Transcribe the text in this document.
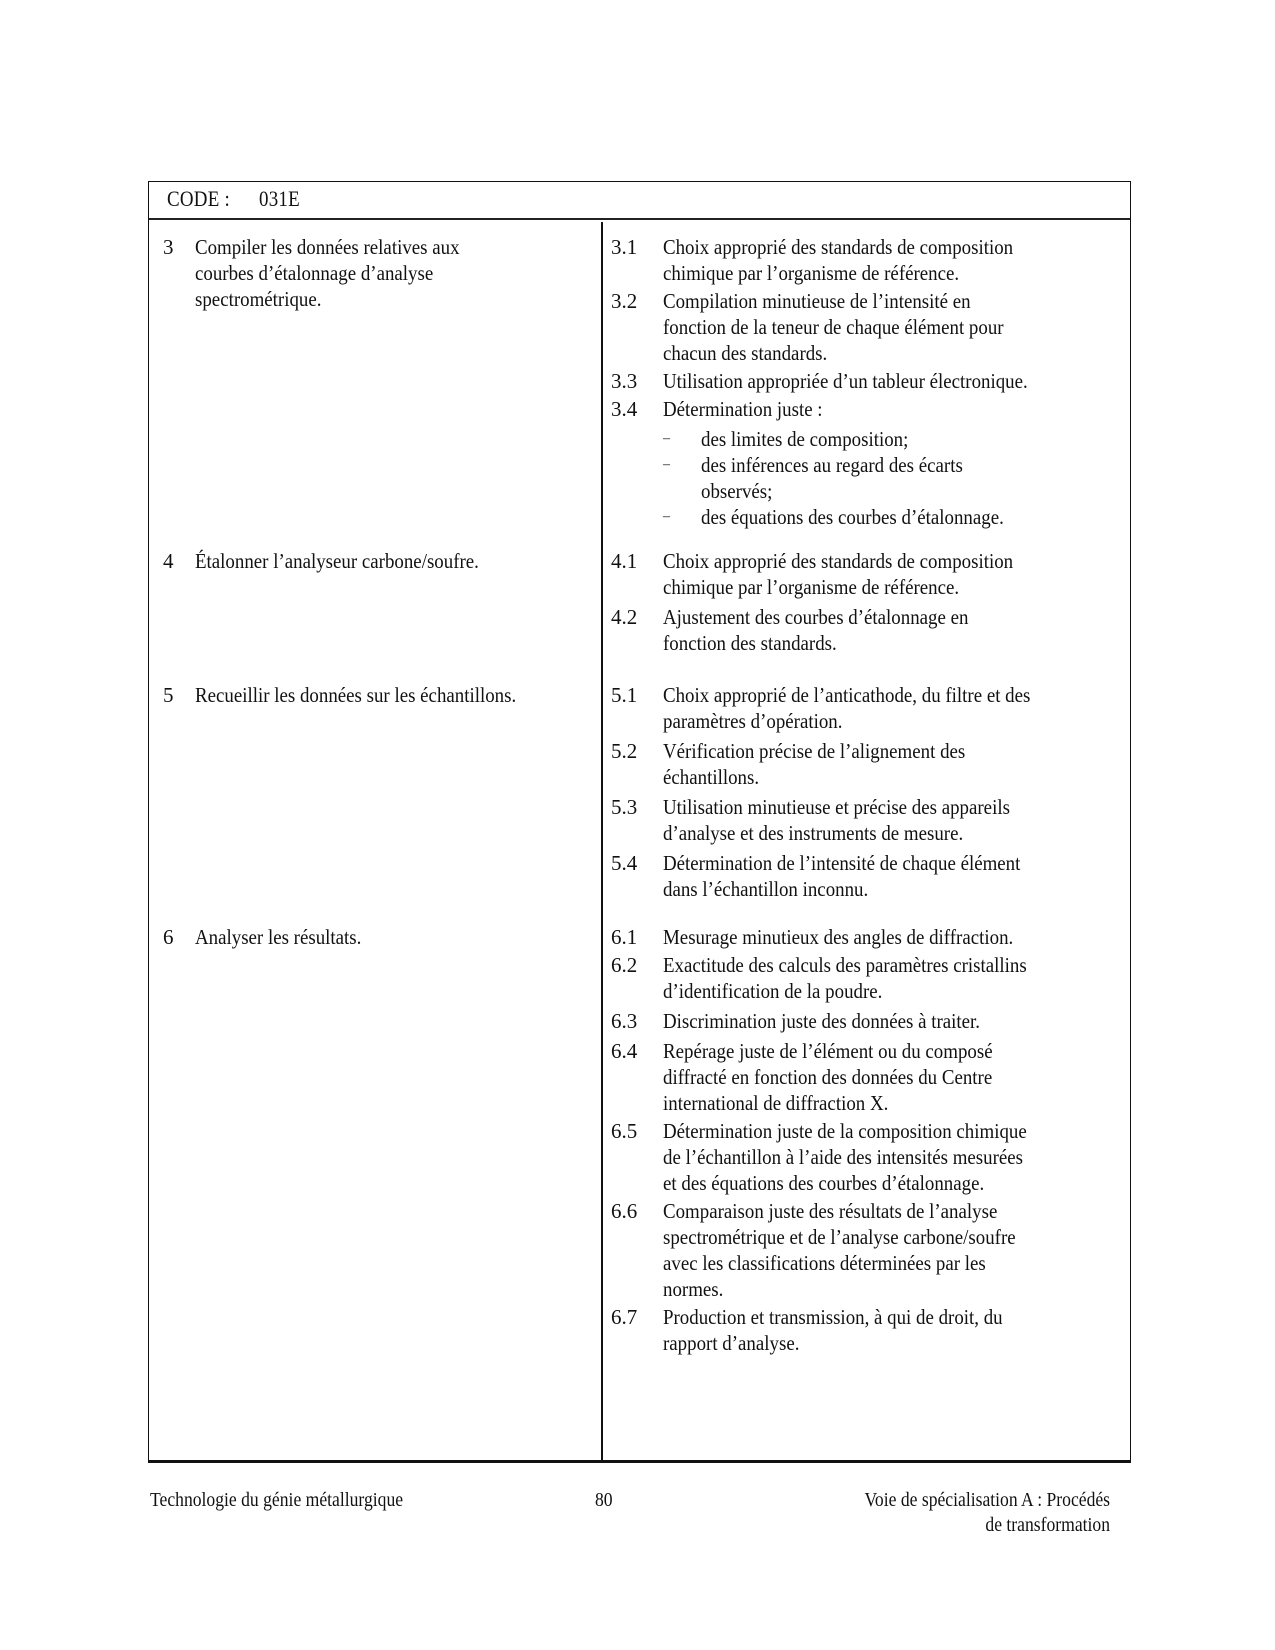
CODE : 031E
3 Compiler les données relatives aux
courbes d’étalonnage d’analyse
spectrométrique.
4 Étalonner l’analyseur carbone/soufre.
5 Recueillir les données sur les échantillons.
6 Analyser les résultats.
3.1 Choix approprié des standards de composition
chimique par l’organisme de référence.
3.2 Compilation minutieuse de l’intensité en
fonction de la teneur de chaque élément pour
chacun des standards.
3.3 Utilisation appropriée d’un tableur électronique.
3.4 Détermination juste :
– des limites de composition;
– des inférences au regard des écarts
observés;
– des équations des courbes d’étalonnage.
4.1 Choix approprié des standards de composition
chimique par l’organisme de référence.
4.2 Ajustement des courbes d’étalonnage en
fonction des standards.
5.1 Choix approprié de l’anticathode, du filtre et des
paramètres d’opération.
5.2 Vérification précise de l’alignement des
échantillons.
5.3 Utilisation minutieuse et précise des appareils
d’analyse et des instruments de mesure.
5.4 Détermination de l’intensité de chaque élément
dans l’échantillon inconnu.
6.1 Mesurage minutieux des angles de diffraction.
6.2 Exactitude des calculs des paramètres cristallins
d’identification de la poudre.
6.3 Discrimination juste des données à traiter.
6.4 Repérage juste de l’élément ou du composé
diffracté en fonction des données du Centre
international de diffraction X.
6.5 Détermination juste de la composition chimique
de l’échantillon à l’aide des intensités mesurées
et des équations des courbes d’étalonnage.
6.6 Comparaison juste des résultats de l’analyse
spectrométrique et de l’analyse carbone/soufre
avec les classifications déterminées par les
normes.
6.7 Production et transmission, à qui de droit, du
rapport d’analyse.
Technologie du génie métallurgique	80	Voie de spécialisation A : Procédés
de transformation
